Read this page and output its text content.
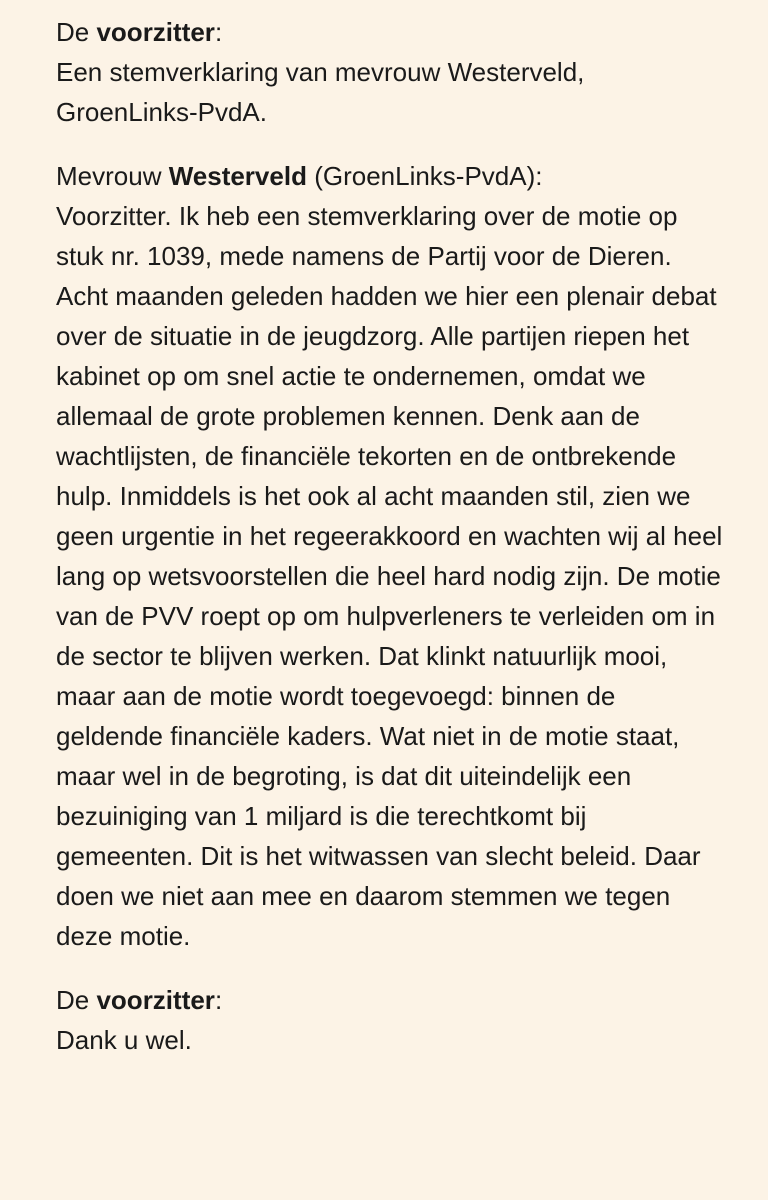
De voorzitter:

Een stemverklaring van mevrouw Westerveld, GroenLinks-PvdA.

Mevrouw Westerveld (GroenLinks-PvdA):

Voorzitter. Ik heb een stemverklaring over de motie op stuk nr. 1039, mede namens de Partij voor de Dieren. Acht maanden geleden hadden we hier een plenair debat over de situatie in de jeugdzorg. Alle partijen riepen het kabinet op om snel actie te ondernemen, omdat we allemaal de grote problemen kennen. Denk aan de wachtlijsten, de financiële tekorten en de ontbrekende hulp. Inmiddels is het ook al acht maanden stil, zien we geen urgentie in het regeerakkoord en wachten wij al heel lang op wetsvoorstellen die heel hard nodig zijn. De motie van de PVV roept op om hulpverleners te verleiden om in de sector te blijven werken. Dat klinkt natuurlijk mooi, maar aan de motie wordt toegevoegd: binnen de geldende financiële kaders. Wat niet in de motie staat, maar wel in de begroting, is dat dit uiteindelijk een bezuiniging van 1 miljard is die terechtkomt bij gemeenten. Dit is het witwassen van slecht beleid. Daar doen we niet aan mee en daarom stemmen we tegen deze motie.

De voorzitter:

Dank u wel.
